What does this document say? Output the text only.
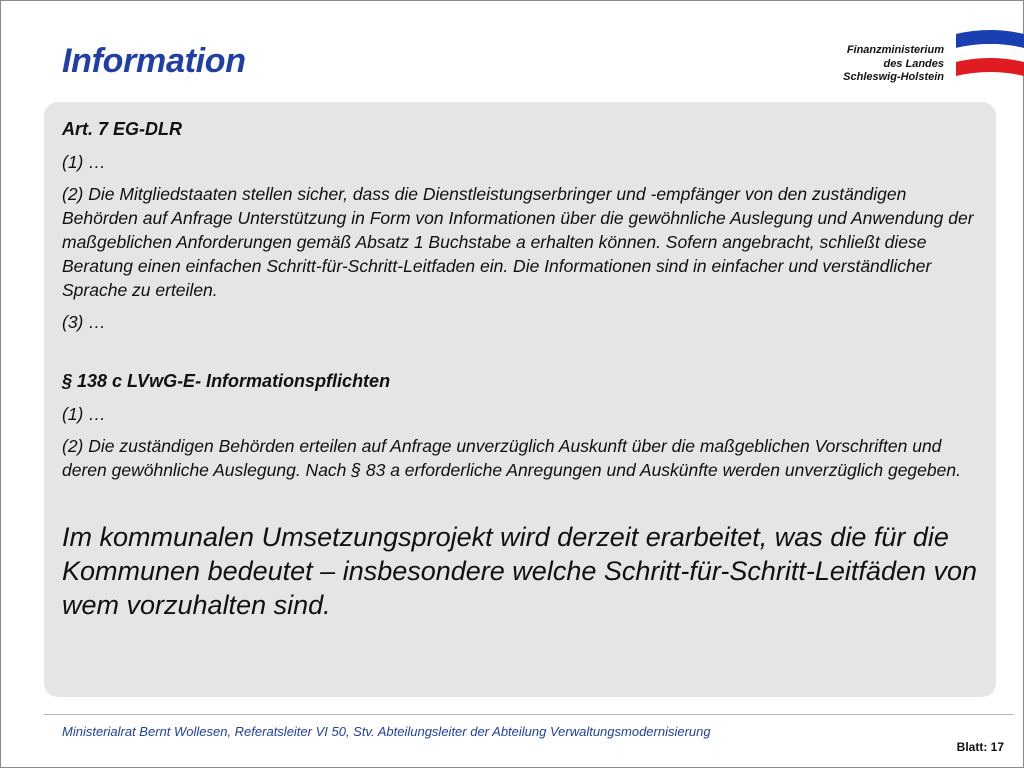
Information	Finanzministerium
des Landes
Schleswig-Holstein
Art. 7 EG-DLR
(1) …
(2) Die Mitgliedstaaten stellen sicher, dass die Dienstleistungserbringer und -empfänger von den zuständigen Behörden auf Anfrage Unterstützung in Form von Informationen über die gewöhnliche Auslegung und Anwendung der maßgeblichen Anforderungen gemäß Absatz 1 Buchstabe a erhalten können. Sofern angebracht, schließt diese Beratung einen einfachen Schritt-für-Schritt-Leitfaden ein. Die Informationen sind in einfacher und verständlicher Sprache zu erteilen.
(3) …
§ 138 c LVwG-E- Informationspflichten
(1) …
(2) Die zuständigen Behörden erteilen auf Anfrage unverzüglich Auskunft über die maßgeblichen Vorschriften und deren gewöhnliche Auslegung. Nach § 83 a erforderliche Anregungen und Auskünfte werden unverzüglich gegeben.
Im kommunalen Umsetzungsprojekt wird derzeit erarbeitet, was die für die Kommunen bedeutet – insbesondere welche Schritt-für-Schritt-Leitfäden von wem vorzuhalten sind.
Ministerialrat Bernt Wollesen, Referatsleiter VI 50, Stv. Abteilungsleiter der Abteilung Verwaltungsmodernisierung
Blatt: 17
